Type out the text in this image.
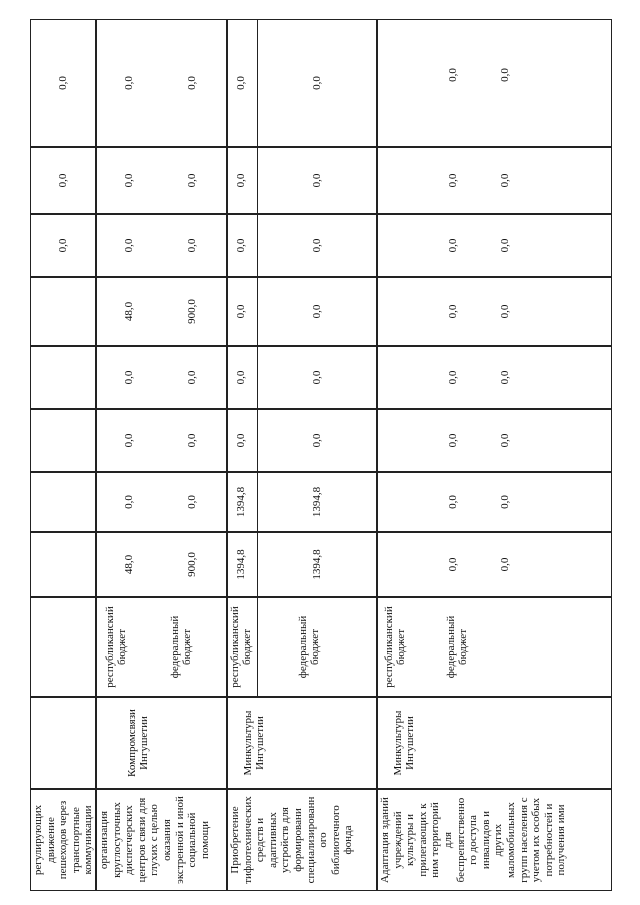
регулирующих движение пешеходов через транспортные коммуникации
0,0
0,0
0,0
организация круглосуточных диспетчерских центров связи для глухих с целью оказания экстренной и иной социальной помощи
Компромсвязи Ингушетии
республиканский бюджет
48,0
0,0
0,0
0,0
48,0
0,0
0,0
0,0
федеральный бюджет
900,0
0,0
0,0
0,0
900,0
0,0
0,0
0,0
Приобретение тифлотехнических средств и адаптивных устройств для формировани специализированн ого библиотечного фонда
Минкультуры Ингушетии
республиканский бюджет
1394,8
1394,8
0,0
0,0
0,0
0,0
0,0
0,0
федеральный бюджет
1394,8
1394,8
0,0
0,0
0,0
0,0
0,0
0,0
Адаптация зданий учреждений культуры и прилегающих к ним территорий для беспрепятственно го доступа инвалидов и других маломобильных групп населения с учетом их особых потребностей и получения ими
Минкультуры Ингушетии
республиканский бюджет
0,0
0,0
0,0
0,0
0,0
0,0
0,0
0,0
федеральный бюджет
0,0
0,0
0,0
0,0
0,0
0,0
0,0
0,0
